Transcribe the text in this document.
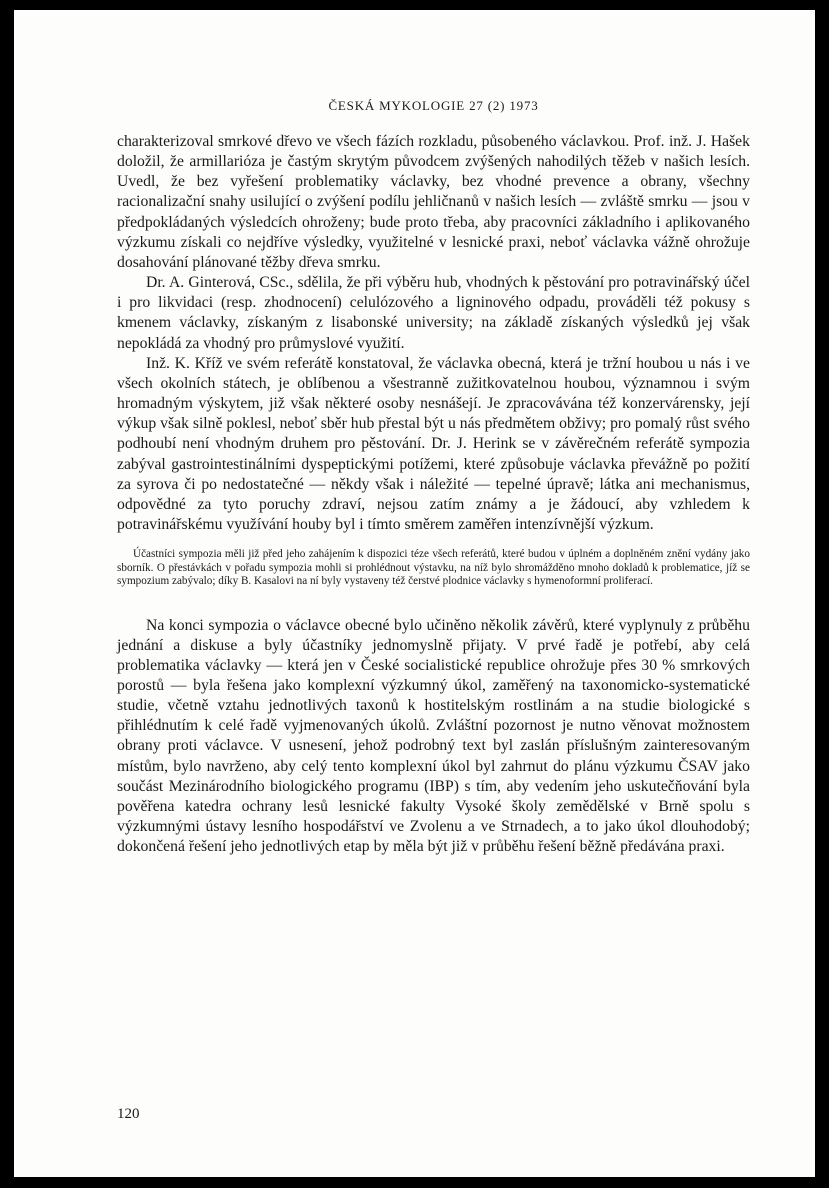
ČESKÁ MYKOLOGIE 27 (2) 1973

charakterizoval smrkové dřevo ve všech fázích rozkladu, působeného václavkou. Prof. inž. J. Hašek doložil, že armillarióza je častým skrytým původcem zvýšených nahodilých těžeb v našich lesích. Uvedl, že bez vyřešení problematiky václavky, bez vhodné prevence a obrany, všechny racionalizační snahy usilující o zvýšení podílu jehličnanů v našich lesích — zvláště smrku — jsou v předpokládaných výsledcích ohroženy; bude proto třeba, aby pracovníci základního i aplikovaného výzkumu získali co nejdříve výsledky, využitelné v lesnické praxi, neboť václavka vážně ohrožuje dosahování plánované těžby dřeva smrku.

Dr. A. Ginterová, CSc., sdělila, že při výběru hub, vhodných k pěstování pro potravinářský účel i pro likvidaci (resp. zhodnocení) celulózového a ligninového odpadu, prováděli též pokusy s kmenem václavky, získaným z lisabonské university; na základě získaných výsledků jej však nepokládá za vhodný pro průmyslové využití.

Inž. K. Kříž ve svém referátě konstatoval, že václavka obecná, která je tržní houbou u nás i ve všech okolních státech, je oblíbenou a všestranně zužitkovatelnou houbou, významnou i svým hromadným výskytem, již však některé osoby nesnášejí. Je zpracovávána též konzervárensky, její výkup však silně poklesl, neboť sběr hub přestal být u nás předmětem obživy; pro pomalý růst svého podhoubí není vhodným druhem pro pěstování. Dr. J. Herink se v závěrečném referátě sympozia zabýval gastrointestinálními dyspeptickými potížemi, které způsobuje václavka převážně po požití za syrova či po nedostatečné — někdy však i náležité — tepelné úpravě; látka ani mechanismus, odpovědné za tyto poruchy zdraví, nejsou zatím známy a je žádoucí, aby vzhledem k potravinářskému využívání houby byl i tímto směrem zaměřen intenzívnější výzkum.

Účastníci sympozia měli již před jeho zahájením k dispozici téze všech referátů, které budou v úplném a doplněném znění vydány jako sborník. O přestávkách v pořadu sympozia mohli si prohlédnout výstavku, na níž bylo shromážděno mnoho dokladů k problematice, jíž se sympozium zabývalo; díky B. Kasalovi na ní byly vystaveny též čerstvé plodnice václavky s hymenoformní proliferací.

Na konci sympozia o václavce obecné bylo učiněno několik závěrů, které vyplynuly z průběhu jednání a diskuse a byly účastníky jednomyslně přijaty. V prvé řadě je potřebí, aby celá problematika václavky — která jen v České socialistické republice ohrožuje přes 30 % smrkových porostů — byla řešena jako komplexní výzkumný úkol, zaměřený na taxonomicko-systematické studie, včetně vztahu jednotlivých taxonů k hostitelským rostlinám a na studie biologické s přihlédnutím k celé řadě vyjmenovaných úkolů. Zvláštní pozornost je nutno věnovat možnostem obrany proti václavce. V usnesení, jehož podrobný text byl zaslán příslušným zainteresovaným místům, bylo navrženo, aby celý tento komplexní úkol byl zahrnut do plánu výzkumu ČSAV jako součást Mezinárodního biologického programu (IBP) s tím, aby vedením jeho uskutečňování byla pověřena katedra ochrany lesů lesnické fakulty Vysoké školy zemědělské v Brně spolu s výzkumnými ústavy lesního hospodářství ve Zvolenu a ve Strnadech, a to jako úkol dlouhodobý; dokončená řešení jeho jednotlivých etap by měla být již v průběhu řešení běžně předávána praxi.

120
